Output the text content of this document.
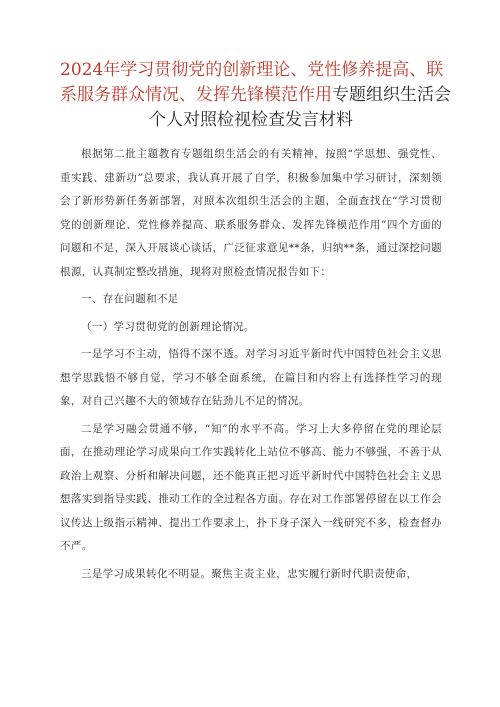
2024年学习贯彻党的创新理论、党性修养提高、联
系服务群众情况、发挥先锋模范作用专题组织生活会
个人对照检视检查发言材料

根据第二批主题教育专题组织生活会的有关精神，按照“学思想、强党性、重实践、建新功”总要求，我认真开展了自学，积极参加集中学习研讨，深刻领会了新形势新任务新部署，对照本次组织生活会的主题，全面查找在“学习贯彻党的创新理论、党性修养提高、联系服务群众、发挥先锋模范作用”四个方面的问题和不足，深入开展谈心谈话，广泛征求意见**条，归纳**条，通过深挖问题根源，认真制定整改措施，现将对照检查情况报告如下：

一、存在问题和不足

（一）学习贯彻党的创新理论情况。

一是学习不主动，悟得不深不透。对学习习近平新时代中国特色社会主义思想学思践悟不够自觉，学习不够全面系统，在篇目和内容上有选择性学习的现象，对自己兴趣不大的领域存在钻劲儿不足的情况。

二是学习融会贯通不够，“知”的水平不高。学习上大多停留在党的理论层面，在推动理论学习成果向工作实践转化上站位不够高、能力不够强，不善于从政治上观察、分析和解决问题，还不能真正把习近平新时代中国特色社会主义思想落实到指导实践、推动工作的全过程各方面。存在对工作部署停留在以工作会议传达上级指示精神、提出工作要求上，扑下身子深入一线研究不多，检查督办不严。

三是学习成果转化不明显。聚焦主责主业，忠实履行新时代职责使命，
